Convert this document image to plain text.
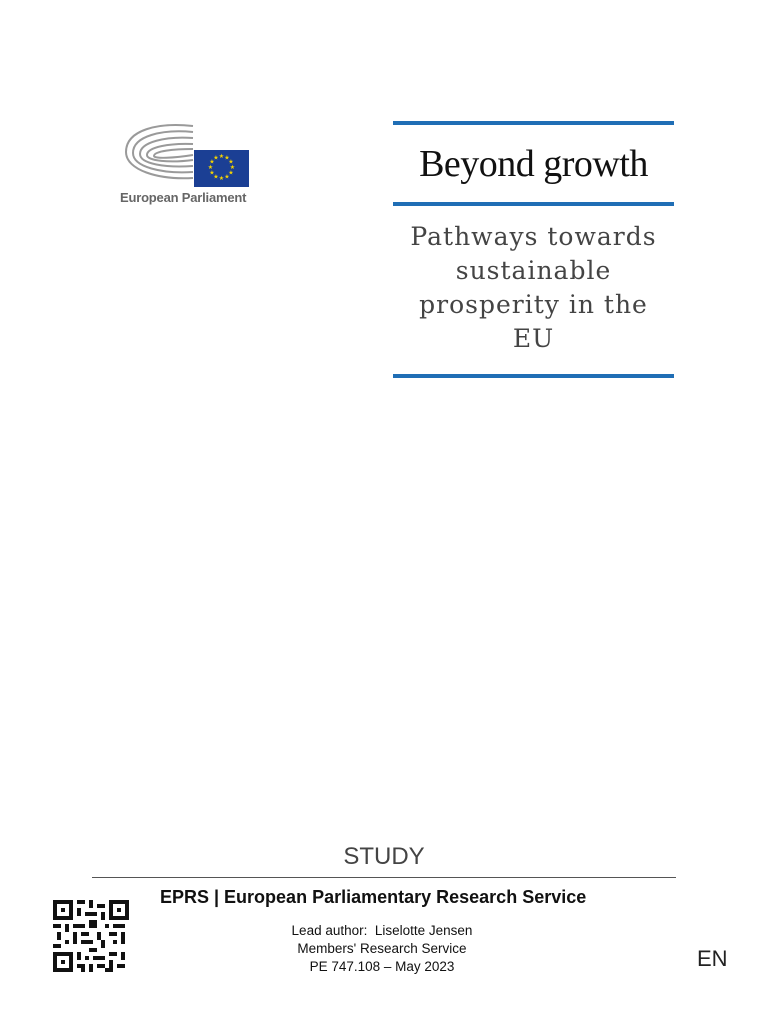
★ ★
★
★
★
★
★
★
★
★
★
★
European Parliament
Beyond growth
Pathways towards
sustainable
prosperity in the
EU
STUDY
EPRS | European Parliamentary Research Service
Lead author:  Liselotte Jensen
Members' Research Service
PE 747.108 – May 2023	EN
